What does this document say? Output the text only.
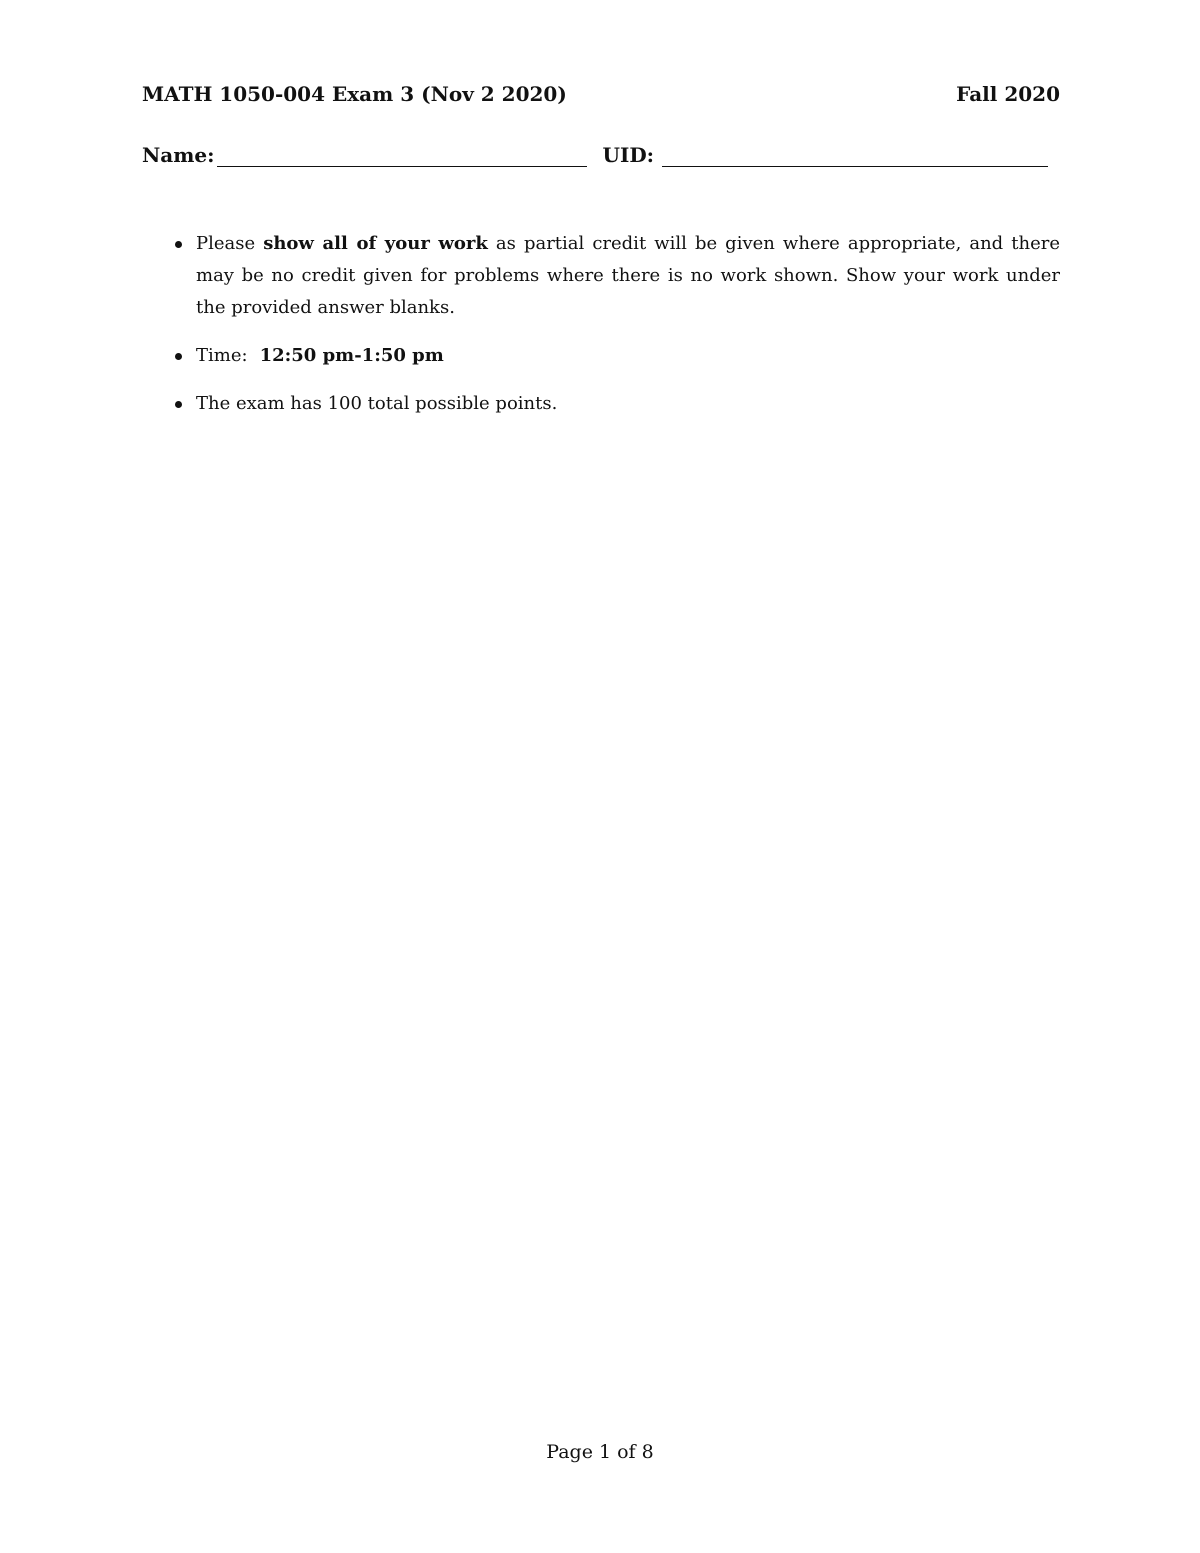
MATH 1050-004 Exam 3 (Nov 2 2020)	Fall 2020
Name:	UID:
Please show all of your work as partial credit will be given where appropriate, and there may be no credit given for problems where there is no work shown. Show your work under the provided answer blanks.
Time: 12:50 pm-1:50 pm
The exam has 100 total possible points.
Page 1 of 8
